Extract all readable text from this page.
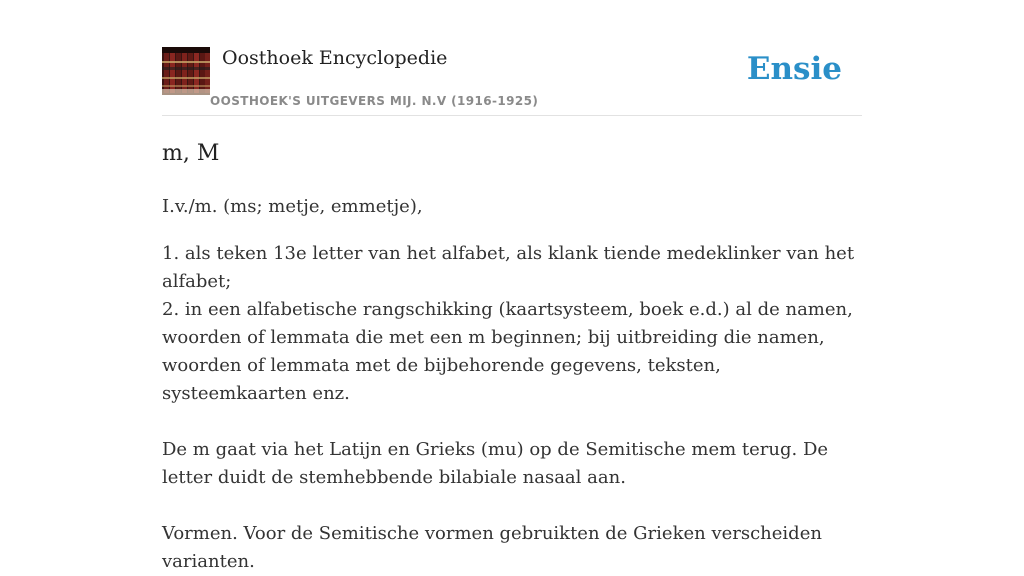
Oosthoek Encyclopedie
OOSTHOEK'S UITGEVERS MIJ. N.V (1916-1925)
Ensie
m, M

I.v./m. (ms; metje, emmetje),

1. als teken 13e letter van het alfabet, als klank tiende medeklinker van het alfabet;

2. in een alfabetische rangschikking (kaartsysteem, boek e.d.) al de namen, woorden of lemmata die met een m beginnen; bij uitbreiding die namen, woorden of lemmata met de bijbehorende gegevens, teksten, systeemkaarten enz.

De m gaat via het Latijn en Grieks (mu) op de Semitische mem terug. De letter duidt de stemhebbende bilabiale nasaal aan.

Vormen. Voor de Semitische vormen gebruikten de Grieken verscheiden varianten.
